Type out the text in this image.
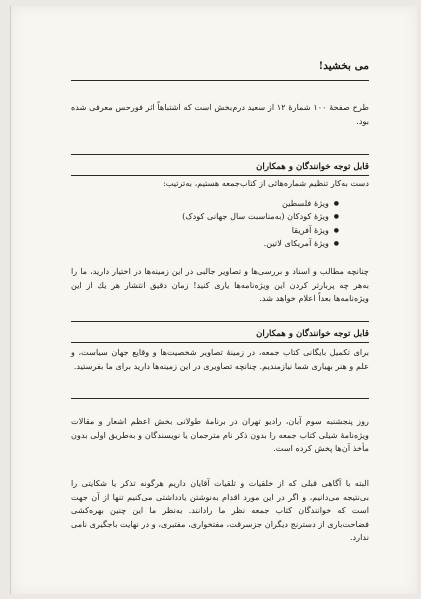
می بخشید!
طرح صفحهٔ ۱۰۰ شمارهٔ ۱۲ از سعید درم‌بخش است که اشتباهاً اثر فورحس معرفی شده بود.
قابل توجه خوانندگان و همکاران
دست به‌کار تنظیم شماره‌هائی از کتاب‌جمعه هستیم، به‌ترتیب:
● ویژهٔ فلسطین
● ویژهٔ کودکان (به‌مناسبت سال جهانی کودک)
● ویژهٔ آفریقا
● ویژهٔ آمریکای لاتین.
چنانچه مطالب و اسناد و بررسی‌ها و تصاویر جالبی در این زمینه‌ها در اختیار دارید، ما را به‌هر چه پربارتر کردن این ویژه‌نامه‌ها یاری کنید! زمان دقیق انتشار هر یك از این ویژه‌نامه‌ها بعداً اعلام خواهد شد.
قابل توجه خوانندگان و همکاران
برای تکمیل بایگانی کتاب جمعه، در زمینهٔ تصاویر شخصیت‌ها و وقایع جهان سیاست، و علم و هنر بهیاری شما نیازمندیم. چنانچه تصاویری در این زمینه‌ها دارید برای ما بفرستید.
روز پنجشنبه سوم آبان، رادیو تهران در برنامهٔ طولانی بخش اعظم اشعار و مقالات ویژه‌نامهٔ شیلی کتاب جمعه را بدون ذکر نام مترجمان یا نویسندگان و به‌طریق اولی بدون مأخذ آن‌ها پخش کرده است.
البته با آگاهی قبلی که از خلقیات و تلقیات آقایان داریم هرگونه تذکر یا شکایتی را بی‌نتیجه می‌دانیم، و اگر در این مورد اقدام به‌نوشتن یادداشتی می‌کنیم تنها از آن جهت است که خوانندگان کتاب جمعه نظر ما رادانند. به‌نظر ما این چنین بهره‌کشی فضاحت‌باری از دسترنج دیگران جزسرقت، مفتخواری، مفتبری، و در نهایت باجگیری نامی ندارد.
